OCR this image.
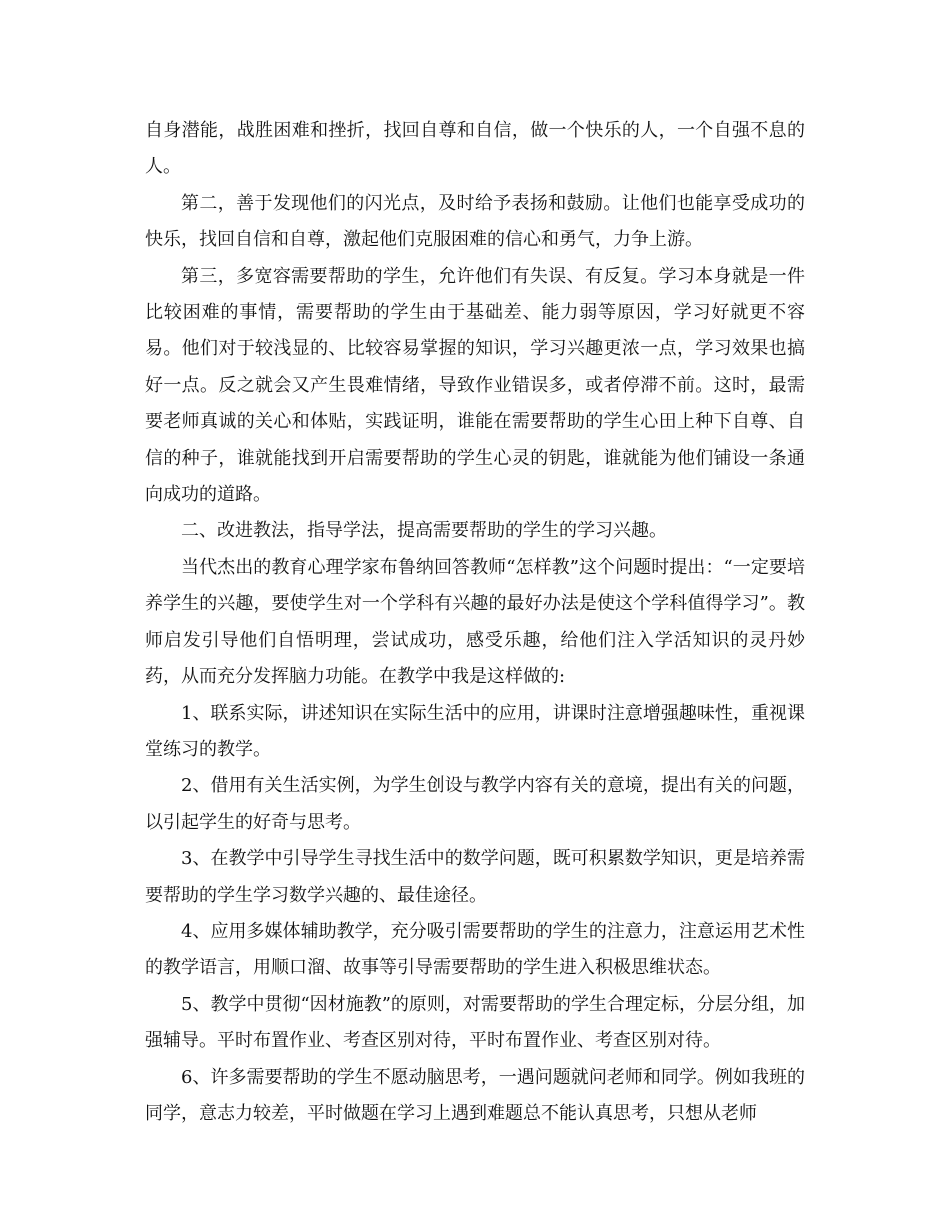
自身潜能，战胜困难和挫折，找回自尊和自信，做一个快乐的人，一个自强不息的人。

第二，善于发现他们的闪光点，及时给予表扬和鼓励。让他们也能享受成功的快乐，找回自信和自尊，激起他们克服困难的信心和勇气，力争上游。

第三，多宽容需要帮助的学生，允许他们有失误、有反复。学习本身就是一件比较困难的事情，需要帮助的学生由于基础差、能力弱等原因，学习好就更不容易。他们对于较浅显的、比较容易掌握的知识，学习兴趣更浓一点，学习效果也搞好一点。反之就会又产生畏难情绪，导致作业错误多，或者停滞不前。这时，最需要老师真诚的关心和体贴，实践证明，谁能在需要帮助的学生心田上种下自尊、自信的种子，谁就能找到开启需要帮助的学生心灵的钥匙，谁就能为他们铺设一条通向成功的道路。

二、改进教法，指导学法，提高需要帮助的学生的学习兴趣。

当代杰出的教育心理学家布鲁纳回答教师“怎样教”这个问题时提出：“一定要培养学生的兴趣，要使学生对一个学科有兴趣的最好办法是使这个学科值得学习”。教师启发引导他们自悟明理，尝试成功，感受乐趣，给他们注入学活知识的灵丹妙药，从而充分发挥脑力功能。在教学中我是这样做的:

1、联系实际，讲述知识在实际生活中的应用，讲课时注意增强趣味性，重视课堂练习的教学。

2、借用有关生活实例，为学生创设与教学内容有关的意境，提出有关的问题，以引起学生的好奇与思考。

3、在教学中引导学生寻找生活中的数学问题，既可积累数学知识，更是培养需要帮助的学生学习数学兴趣的、最佳途径。

4、应用多媒体辅助教学，充分吸引需要帮助的学生的注意力，注意运用艺术性的教学语言，用顺口溜、故事等引导需要帮助的学生进入积极思维状态。

5、教学中贯彻“因材施教”的原则，对需要帮助的学生合理定标，分层分组，加强辅导。平时布置作业、考查区别对待，平时布置作业、考查区别对待。

6、许多需要帮助的学生不愿动脑思考，一遇问题就问老师和同学。例如我班的 同学，意志力较差，平时做题在学习上遇到难题总不能认真思考，只想从老师
